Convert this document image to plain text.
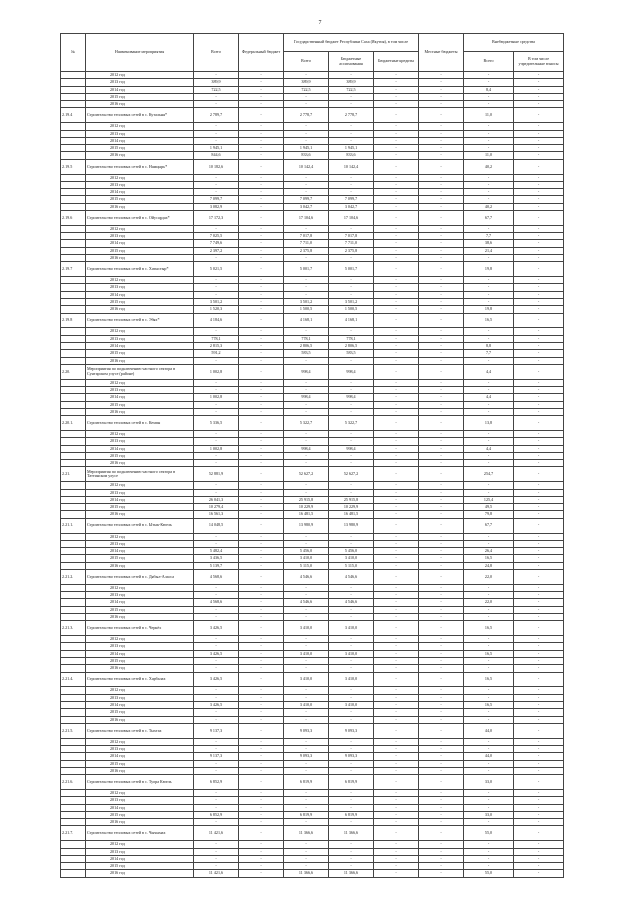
7
№	Наименование мероприятия	Всего	Федеральный бюджет	Государственный бюджет Республики Саха (Якутия), в том числе			Местные бюджеты	Внебюджетные средства	
				Всего	Бюджетные ассигнования	Бюджетные кредиты		Всего	В том числе учредительные взносы
	2012 год	-	-	-	-	-	-	-	-
	2013 год	389,9	-	389,9	389,9	-	-	-	-
	2014 год	722,5	-	722,5	722,5	-	-	8,4	-
	2015 год	-	-	-	-	-	-	-	-
	2016 год	-	-	-	-	-	-	-	-
2.19.4	Строительство тепловых сетей в с. Кутальня*	2 789,7	-	2 778,7	2 778,7	-	-	11,0	-
	2012 год	-	-	-	-	-	-	-	-
	2013 год	-	-	-	-	-	-	-	-
	2014 год	-	-	-	-	-	-	-	-
	2015 год	1 945,1	-	1 945,1	1 945,1	-	-	-	-
	2016 год	844,6	-	833,6	833,6	-	-	11,0	-
2.19.5	Строительство тепловых сетей в с. Намцырь*	10 182,6	-	10 142,4	10 142,4	-	-	40,2	-
	2012 год	-	-	-	-	-	-	-	-
	2013 год	-	-	-	-	-	-	-	-
	2014 год	-	-	-	-	-	-	-	-
	2015 год	7 099,7	-	7 099,7	7 099,7	-	-	-	-
	2016 год	3 082,9	-	3 042,7	3 042,7	-	-	40,2	-
2.19.6	Строительство тепловых сетей в с. Ойусардах*	17 172,3	-	17 104,6	17 104,6	-	-	67,7	-
	2012 год	-	-	-	-	-	-	-	-
	2013 год	7 025,5	-	7 017,8	7 017,8	-	-	7,7	-
	2014 год	7 749,6	-	7 711,0	7 711,0	-	-	38,6	-
	2015 год	2 397,2	-	2 375,8	2 375,8	-	-	21,4	-
	2016 год	-	-	-	-	-	-	-	-
2.19.7	Строительство тепловых сетей в с. Хатыстыр*	5 021,5	-	5 001,7	5 001,7	-	-	19,8	-
	2012 год	-	-	-	-	-	-	-	-
	2013 год	-	-	-	-	-	-	-	-
	2014 год	-	-	-	-	-	-	-	-
	2015 год	3 501,2	-	3 501,2	3 501,2	-	-	-	-
	2016 год	1 520,3	-	1 500,5	1 500,5	-	-	19,8	-
2.19.8	Строительство тепловых сетей в с. Эбях*	4 184,6	-	4 168,1	4 168,1	-	-	16,5	-
	2012 год	-	-	-	-	-	-	-	-
	2013 год	778,1	-	778,1	778,1	-	-	-	-
	2014 год	2 815,3	-	2 806,5	2 806,5	-	-	8,8	-
	2015 год	591,2	-	583,5	583,5	-	-	7,7	-
	2016 год	-	-	-	-	-	-	-	-
2.20.	Мероприятия по подключению частного сектора в Сунтарском улусе (районе)	1 002,8	-	998,4	998,4	-	-	4,4	-
	2012 год	-	-	-	-	-	-	-	-
	2013 год	-	-	-	-	-	-	-	-
	2014 год	1 002,8	-	998,4	998,4	-	-	4,4	-
	2015 год	-	-	-	-	-	-	-	-
	2016 год	-	-	-	-	-	-	-	-
2.20.1.	Строительство тепловых сетей в с. Кемпн	5 336,5	-	5 322,7	5 322,7	-	-	13,8	-
	2012 год	-	-	-	-	-	-	-	-
	2013 год	-	-	-	-	-	-	-	-
	2014 год	1 002,8	-	998,4	998,4	-	-	4,4	-
	2015 год	-	-	-	-	-	-	-	-
	2016 год	-	-	-	-	-	-	-	-
2.21.	Мероприятия по подключению частного сектора в Таттинском улусе	52 881,9	-	52 627,2	52 627,2	-	-	254,7	-
	2012 год	-	-	-	-	-	-	-	-
	2013 год	-	-	-	-	-	-	-	-
	2014 год	26 041,3	-	25 915,8	25 915,8	-	-	125,4	-
	2015 год	10 279,4	-	10 229,9	10 229,9	-	-	49,5	-
	2016 год	16 561,3	-	16 481,5	16 481,5	-	-	79,8	-
2.21.1.	Строительство тепловых сетей в с. Ытык-Кюель	14 048,5	-	13 980,9	13 980,9	-	-	67,7	-
	2012 год	-	-	-	-	-	-	-	-
	2013 год	-	-	-	-	-	-	-	-
	2014 год	5 482,4	-	5 456,0	5 456,0	-	-	26,4	-
	2015 год	3 436,5	-	3 410,0	3 410,0	-	-	16,5	-
	2016 год	5 139,7	-	5 115,0	5 115,0	-	-	24,8	-
2.21.2.	Строительство тепловых сетей в с. Дябыл-Аласса	4 568,6	-	4 546,6	4 546,6	-	-	22,0	-
	2012 год	-	-	-	-	-	-	-	-
	2013 год	-	-	-	-	-	-	-	-
	2014 год	4 568,6	-	4 546,6	4 546,6	-	-	22,0	-
	2015 год	-	-	-	-	-	-	-	-
	2016 год	-	-	-	-	-	-	-	-
2.21.3.	Строительство тепловых сетей в с. Черкёх	3 426,5	-	3 410,0	3 410,0	-	-	16,5	-
	2012 год	-	-	-	-	-	-	-	-
	2013 год	-	-	-	-	-	-	-	-
	2014 год	3 426,5	-	3 410,0	3 410,0	-	-	16,5	-
	2015 год	-	-	-	-	-	-	-	-
	2016 год	-	-	-	-	-	-	-	-
2.21.4.	Строительство тепловых сетей в с. Харбалах	3 426,5	-	3 410,0	3 410,0	-	-	16,5	-
	2012 год	-	-	-	-	-	-	-	-
	2013 год	-	-	-	-	-	-	-	-
	2014 год	3 426,5	-	3 410,0	3 410,0	-	-	16,5	-
	2015 год	-	-	-	-	-	-	-	-
	2016 год	-	-	-	-	-	-	-	-
2.21.5.	Строительство тепловых сетей в с. Тыхтах	9 137,3	-	9 093,3	9 093,3	-	-	44,0	-
	2012 год	-	-	-	-	-	-	-	-
	2013 год	-	-	-	-	-	-	-	-
	2014 год	9 137,3	-	9 093,3	9 093,3	-	-	44,0	-
	2015 год	-	-	-	-	-	-	-	-
	2016 год	-	-	-	-	-	-	-	-
2.21.6.	Строительство тепловых сетей в с. Туора Кюель	6 852,9	-	6 819,9	6 819,9	-	-	33,0	-
	2012 год	-	-	-	-	-	-	-	-
	2013 год	-	-	-	-	-	-	-	-
	2014 год	-	-	-	-	-	-	-	-
	2015 год	6 852,9	-	6 819,9	6 819,9	-	-	33,0	-
	2016 год	-	-	-	-	-	-	-	-
2.21.7.	Строительство тепловых сетей в с. Чычымах	11 421,6	-	11 366,6	11 366,6	-	-	55,0	-
	2012 год	-	-	-	-	-	-	-	-
	2013 год	-	-	-	-	-	-	-	-
	2014 год	-	-	-	-	-	-	-	-
	2015 год	-	-	-	-	-	-	-	-
	2016 год	11 421,6	-	11 366,6	11 366,6	-	-	55,0	-
